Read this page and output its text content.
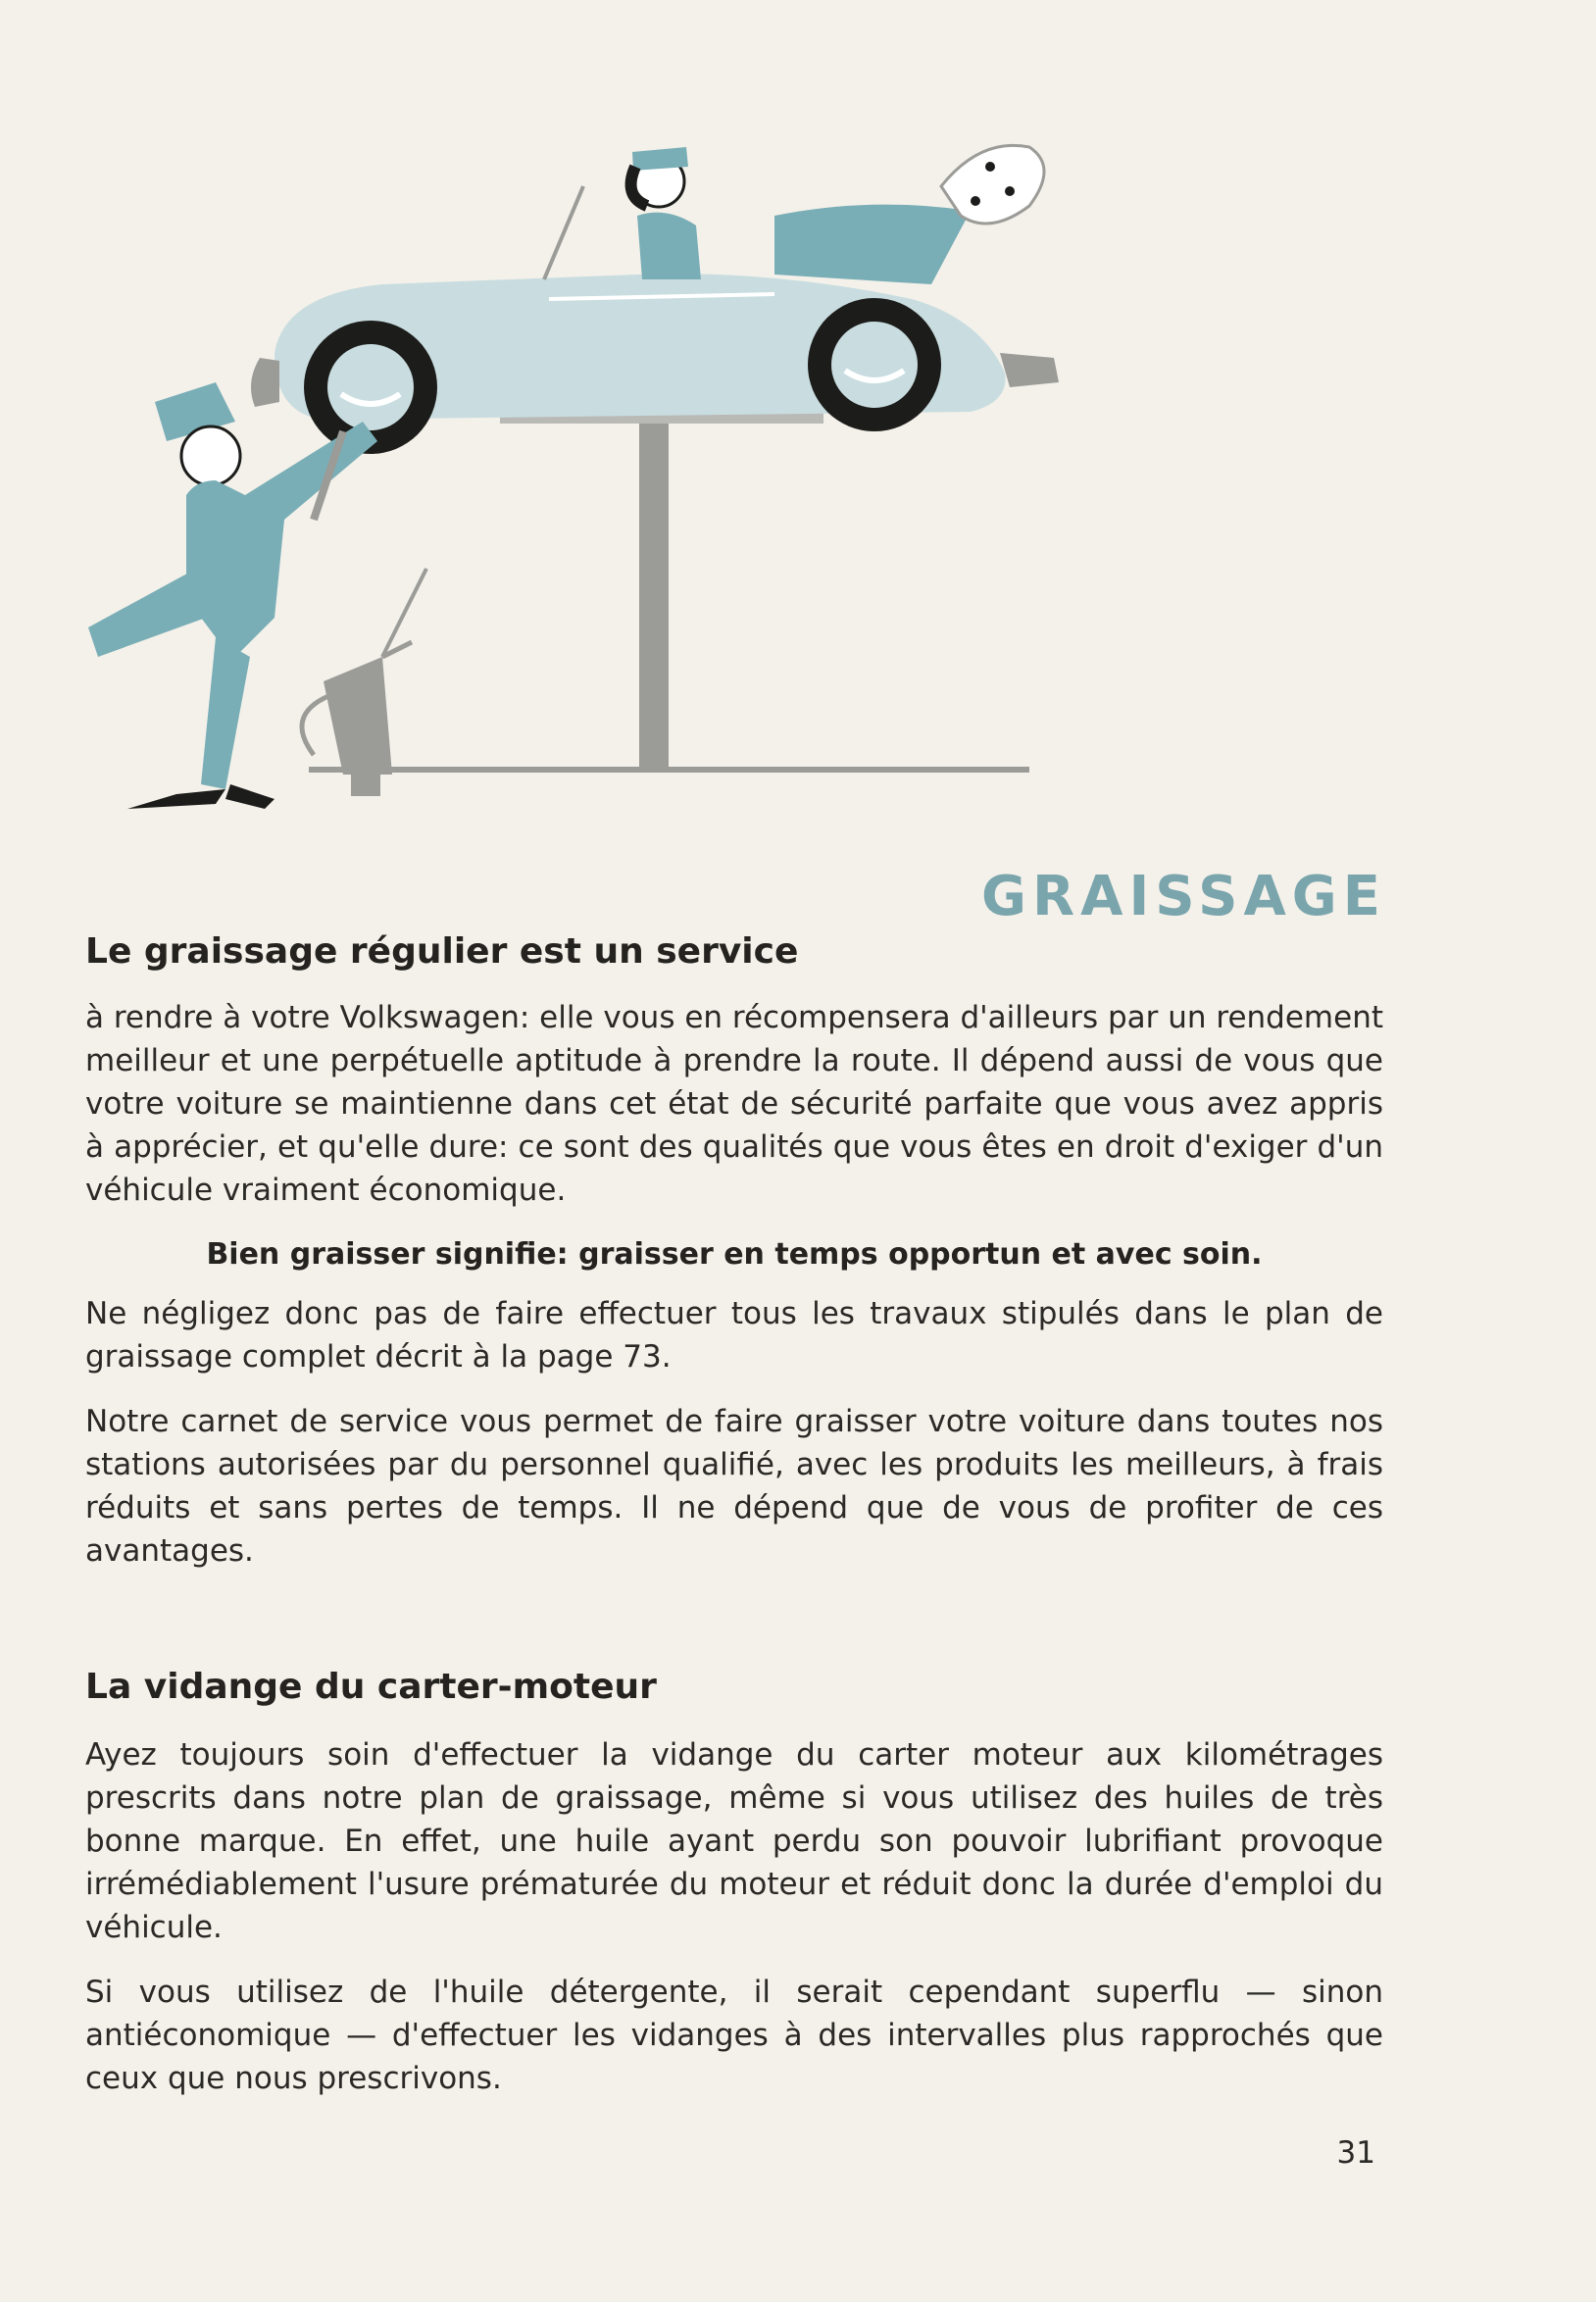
GRAISSAGE
Le graissage régulier est un service

à rendre à votre Volkswagen: elle vous en récompensera d'ailleurs par un rendement meilleur et une perpétuelle aptitude à prendre la route. Il dépend aussi de vous que votre voiture se maintienne dans cet état de sécurité parfaite que vous avez appris à apprécier, et qu'elle dure: ce sont des qualités que vous êtes en droit d'exiger d'un véhicule vraiment économique.

Bien graisser signifie: graisser en temps opportun et avec soin.

Ne négligez donc pas de faire effectuer tous les travaux stipulés dans le plan de graissage complet décrit à la page 73.

Notre carnet de service vous permet de faire graisser votre voiture dans toutes nos stations autorisées par du personnel qualifié, avec les produits les meilleurs, à frais réduits et sans pertes de temps. Il ne dépend que de vous de profiter de ces avantages.

La vidange du carter-moteur

Ayez toujours soin d'effectuer la vidange du carter moteur aux kilométrages prescrits dans notre plan de graissage, même si vous utilisez des huiles de très bonne marque. En effet, une huile ayant perdu son pouvoir lubrifiant provoque irrémédiablement l'usure prématurée du moteur et réduit donc la durée d'emploi du véhicule.

Si vous utilisez de l'huile détergente, il serait cependant superflu — sinon antiéconomique — d'effectuer les vidanges à des intervalles plus rapprochés que ceux que nous prescrivons.

31
